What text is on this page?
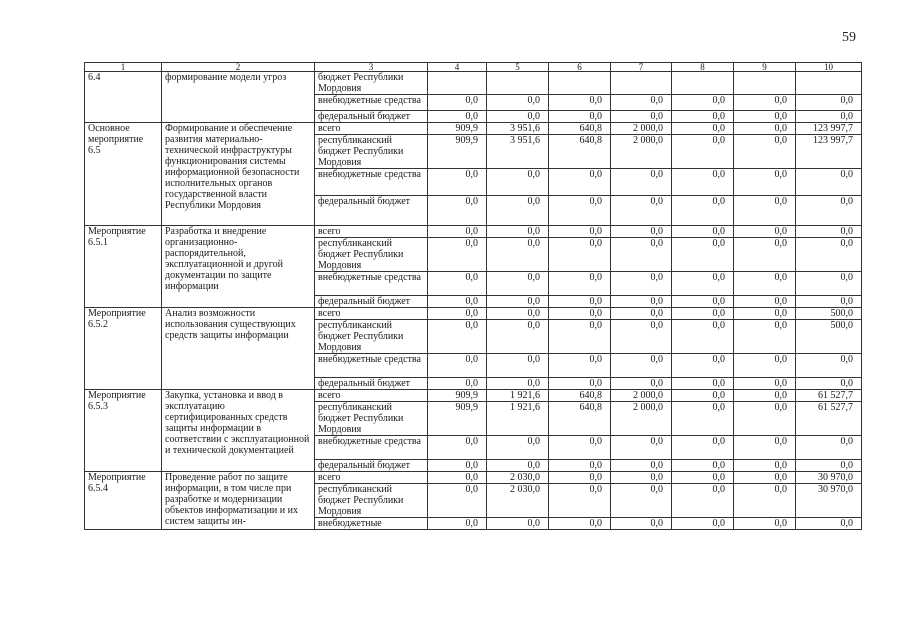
59
1	2	3	4	5	6	7	8	9	10
6.4	формирование модели угроз	бюджет Республики Мордовия							
		внебюджетные средства	0,0	0,0	0,0	0,0	0,0	0,0	0,0
		федеральный бюджет	0,0	0,0	0,0	0,0	0,0	0,0	0,0
Основное мероприятие 6.5	Формирование и обеспечение развития материально-технической инфраструктуры функционирования системы информационной безопасности исполнительных органов государственной власти Республики Мордовия	всего	909,9	3 951,6	640,8	2 000,0	0,0	0,0	123 997,7
		республиканский бюджет Республики Мордовия	909,9	3 951,6	640,8	2 000,0	0,0	0,0	123 997,7
		внебюджетные средства	0,0	0,0	0,0	0,0	0,0	0,0	0,0
		федеральный бюджет	0,0	0,0	0,0	0,0	0,0	0,0	0,0
Мероприятие 6.5.1	Разработка и внедрение организационно-распорядительной, эксплуатационной и другой документации по защите информации	всего	0,0	0,0	0,0	0,0	0,0	0,0	0,0
		республиканский бюджет Республики Мордовия	0,0	0,0	0,0	0,0	0,0	0,0	0,0
		внебюджетные средства	0,0	0,0	0,0	0,0	0,0	0,0	0,0
		федеральный бюджет	0,0	0,0	0,0	0,0	0,0	0,0	0,0
Мероприятие 6.5.2	Анализ возможности использования существующих средств защиты информации	всего	0,0	0,0	0,0	0,0	0,0	0,0	500,0
		республиканский бюджет Республики Мордовия	0,0	0,0	0,0	0,0	0,0	0,0	500,0
		внебюджетные средства	0,0	0,0	0,0	0,0	0,0	0,0	0,0
		федеральный бюджет	0,0	0,0	0,0	0,0	0,0	0,0	0,0
Мероприятие 6.5.3	Закупка, установка и ввод в эксплуатацию сертифицированных средств защиты информации в соответствии с эксплуатационной и технической документацией	всего	909,9	1 921,6	640,8	2 000,0	0,0	0,0	61 527,7
		республиканский бюджет Республики Мордовия	909,9	1 921,6	640,8	2 000,0	0,0	0,0	61 527,7
		внебюджетные средства	0,0	0,0	0,0	0,0	0,0	0,0	0,0
		федеральный бюджет	0,0	0,0	0,0	0,0	0,0	0,0	0,0
Мероприятие 6.5.4	Проведение работ по защите информации, в том числе при разработке и модернизации объектов информатизации и их систем защиты ин-	всего	0,0	2 030,0	0,0	0,0	0,0	0,0	30 970,0
		республиканский бюджет Республики Мордовия	0,0	2 030,0	0,0	0,0	0,0	0,0	30 970,0
		внебюджетные	0,0	0,0	0,0	0,0	0,0	0,0	0,0
